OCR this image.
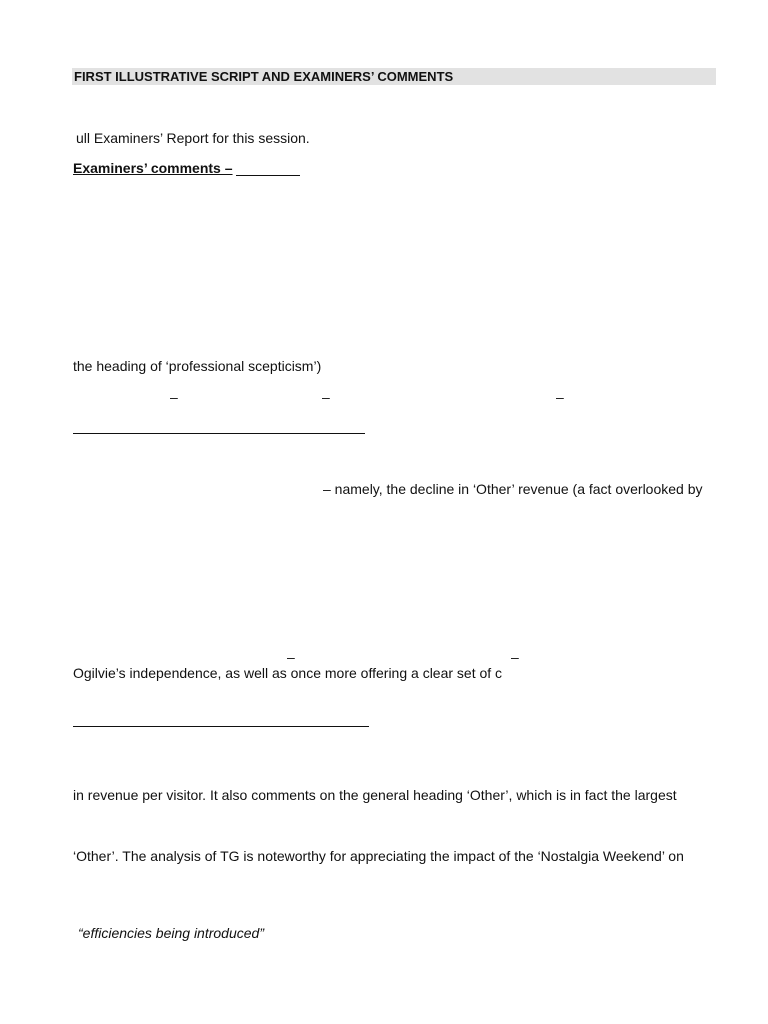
FIRST ILLUSTRATIVE SCRIPT AND EXAMINERS’ COMMENTS
ull Examiners’ Report for this session.
Examiners’ comments –
the heading of ‘professional scepticism’)
–	–	–
– namely, the decline in ‘Other’ revenue (a fact overlooked by
–	–
Ogilvie’s independence, as well as once more offering a clear set of c
in revenue per visitor. It also comments on the general heading ‘Other’, which is in fact the largest
‘Other’. The analysis of TG is noteworthy for appreciating the impact of the ‘Nostalgia Weekend’ on
“efficiencies being introduced”
